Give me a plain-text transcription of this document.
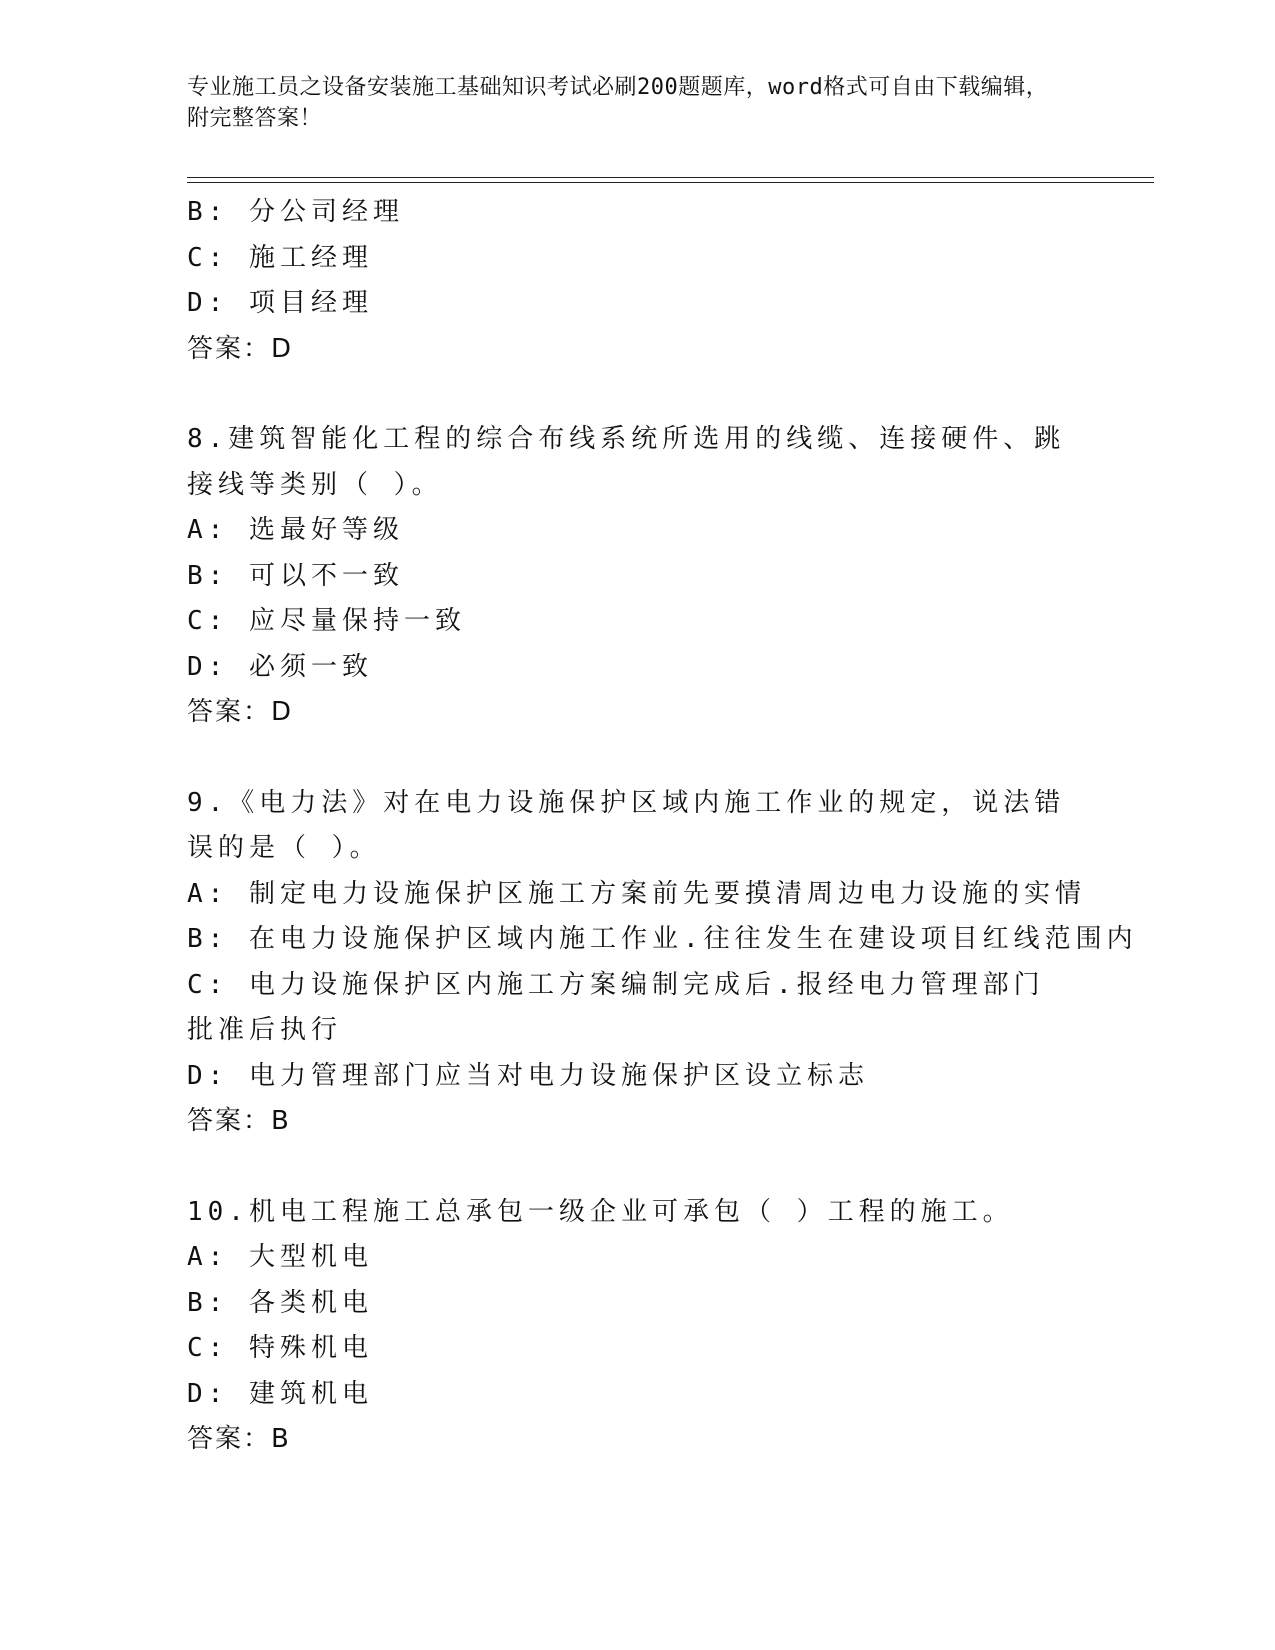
专业施工员之设备安装施工基础知识考试必刷200题题库，word格式可自由下载编辑，附完整答案！
B: 分公司经理
C: 施工经理
D: 项目经理
答案：D
8.建筑智能化工程的综合布线系统所选用的线缆、连接硬件、跳接线等类别（ ）。
A: 选最好等级
B: 可以不一致
C: 应尽量保持一致
D: 必须一致
答案：D
9.《电力法》对在电力设施保护区域内施工作业的规定，说法错误的是（ ）。
A: 制定电力设施保护区施工方案前先要摸清周边电力设施的实情
B: 在电力设施保护区域内施工作业.往往发生在建设项目红线范围内
C: 电力设施保护区内施工方案编制完成后.报经电力管理部门批准后执行
D: 电力管理部门应当对电力设施保护区设立标志
答案：B
10.机电工程施工总承包一级企业可承包（ ）工程的施工。
A: 大型机电
B: 各类机电
C: 特殊机电
D: 建筑机电
答案：B
